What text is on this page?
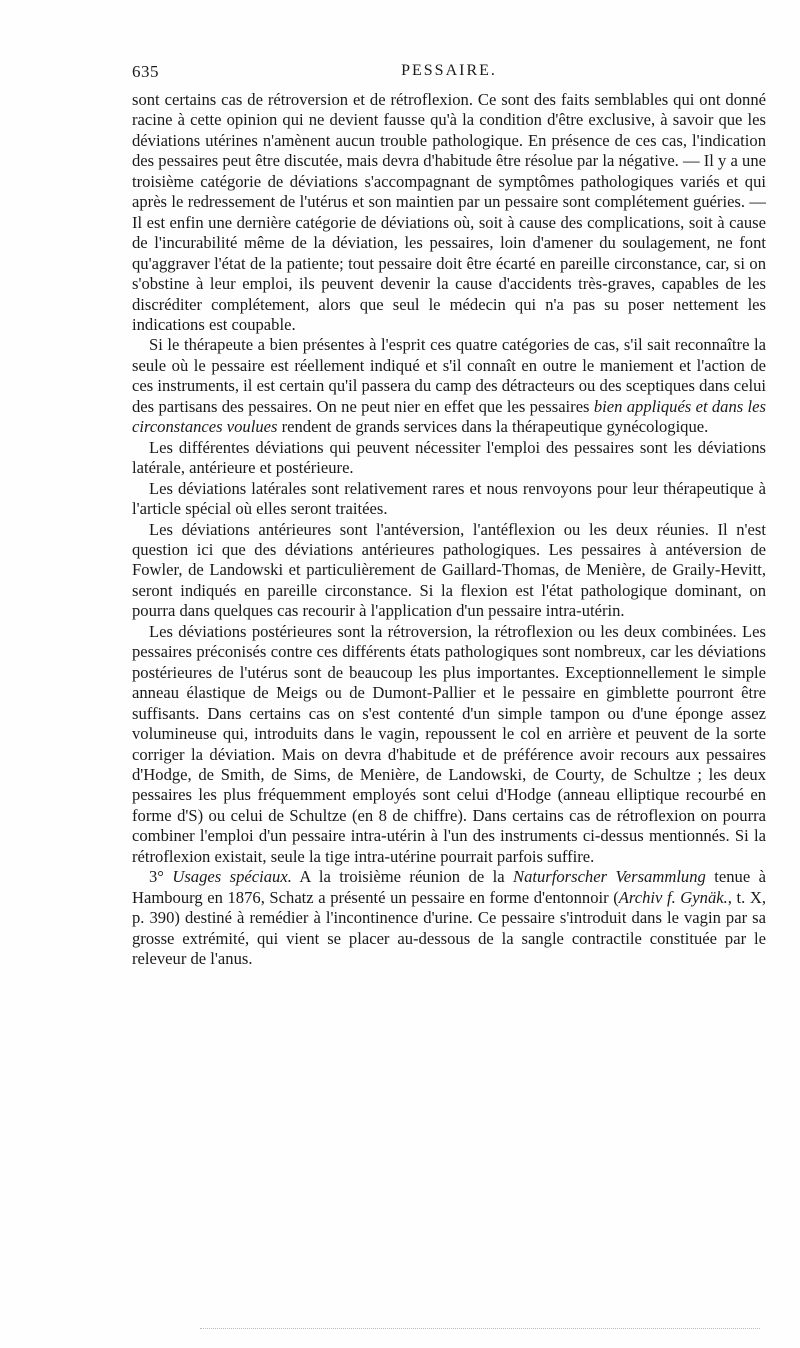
635	PESSAIRE.

sont certains cas de rétroversion et de rétroflexion. Ce sont des faits semblables qui ont donné racine à cette opinion qui ne devient fausse qu'à la condition d'être exclusive, à savoir que les déviations utérines n'amènent aucun trouble pathologique. En présence de ces cas, l'indication des pessaires peut être discutée, mais devra d'habitude être résolue par la négative. — Il y a une troisième catégorie de déviations s'accompagnant de symptômes pathologiques variés et qui après le redressement de l'utérus et son maintien par un pessaire sont complétement guéries. — Il est enfin une dernière catégorie de déviations où, soit à cause des complications, soit à cause de l'incurabilité même de la déviation, les pessaires, loin d'amener du soulagement, ne font qu'aggraver l'état de la patiente; tout pessaire doit être écarté en pareille circonstance, car, si on s'obstine à leur emploi, ils peuvent devenir la cause d'accidents très-graves, capables de les discréditer complétement, alors que seul le médecin qui n'a pas su poser nettement les indications est coupable.

Si le thérapeute a bien présentes à l'esprit ces quatre catégories de cas, s'il sait reconnaître la seule où le pessaire est réellement indiqué et s'il connaît en outre le maniement et l'action de ces instruments, il est certain qu'il passera du camp des détracteurs ou des sceptiques dans celui des partisans des pessaires. On ne peut nier en effet que les pessaires bien appliqués et dans les circonstances voulues rendent de grands services dans la thérapeutique gynécologique.

Les différentes déviations qui peuvent nécessiter l'emploi des pessaires sont les déviations latérale, antérieure et postérieure.

Les déviations latérales sont relativement rares et nous renvoyons pour leur thérapeutique à l'article spécial où elles seront traitées.

Les déviations antérieures sont l'antéversion, l'antéflexion ou les deux réunies. Il n'est question ici que des déviations antérieures pathologiques. Les pessaires à antéversion de Fowler, de Landowski et particulièrement de Gaillard-Thomas, de Menière, de Graily-Hevitt, seront indiqués en pareille circonstance. Si la flexion est l'état pathologique dominant, on pourra dans quelques cas recourir à l'application d'un pessaire intra-utérin.

Les déviations postérieures sont la rétroversion, la rétroflexion ou les deux combinées. Les pessaires préconisés contre ces différents états pathologiques sont nombreux, car les déviations postérieures de l'utérus sont de beaucoup les plus importantes. Exceptionnellement le simple anneau élastique de Meigs ou de Dumont-Pallier et le pessaire en gimblette pourront être suffisants. Dans certains cas on s'est contenté d'un simple tampon ou d'une éponge assez volumineuse qui, introduits dans le vagin, repoussent le col en arrière et peuvent de la sorte corriger la déviation. Mais on devra d'habitude et de préférence avoir recours aux pessaires d'Hodge, de Smith, de Sims, de Menière, de Landowski, de Courty, de Schultze ; les deux pessaires les plus fréquemment employés sont celui d'Hodge (anneau elliptique recourbé en forme d'S) ou celui de Schultze (en 8 de chiffre). Dans certains cas de rétroflexion on pourra combiner l'emploi d'un pessaire intra-utérin à l'un des instruments ci-dessus mentionnés. Si la rétroflexion existait, seule la tige intra-utérine pourrait parfois suffire.

3° Usages spéciaux. A la troisième réunion de la Naturforscher Versammlung tenue à Hambourg en 1876, Schatz a présenté un pessaire en forme d'entonnoir (Archiv f. Gynäk., t. X, p. 390) destiné à remédier à l'incontinence d'urine. Ce pessaire s'introduit dans le vagin par sa grosse extrémité, qui vient se placer au-dessous de la sangle contractile constituée par le releveur de l'anus.
